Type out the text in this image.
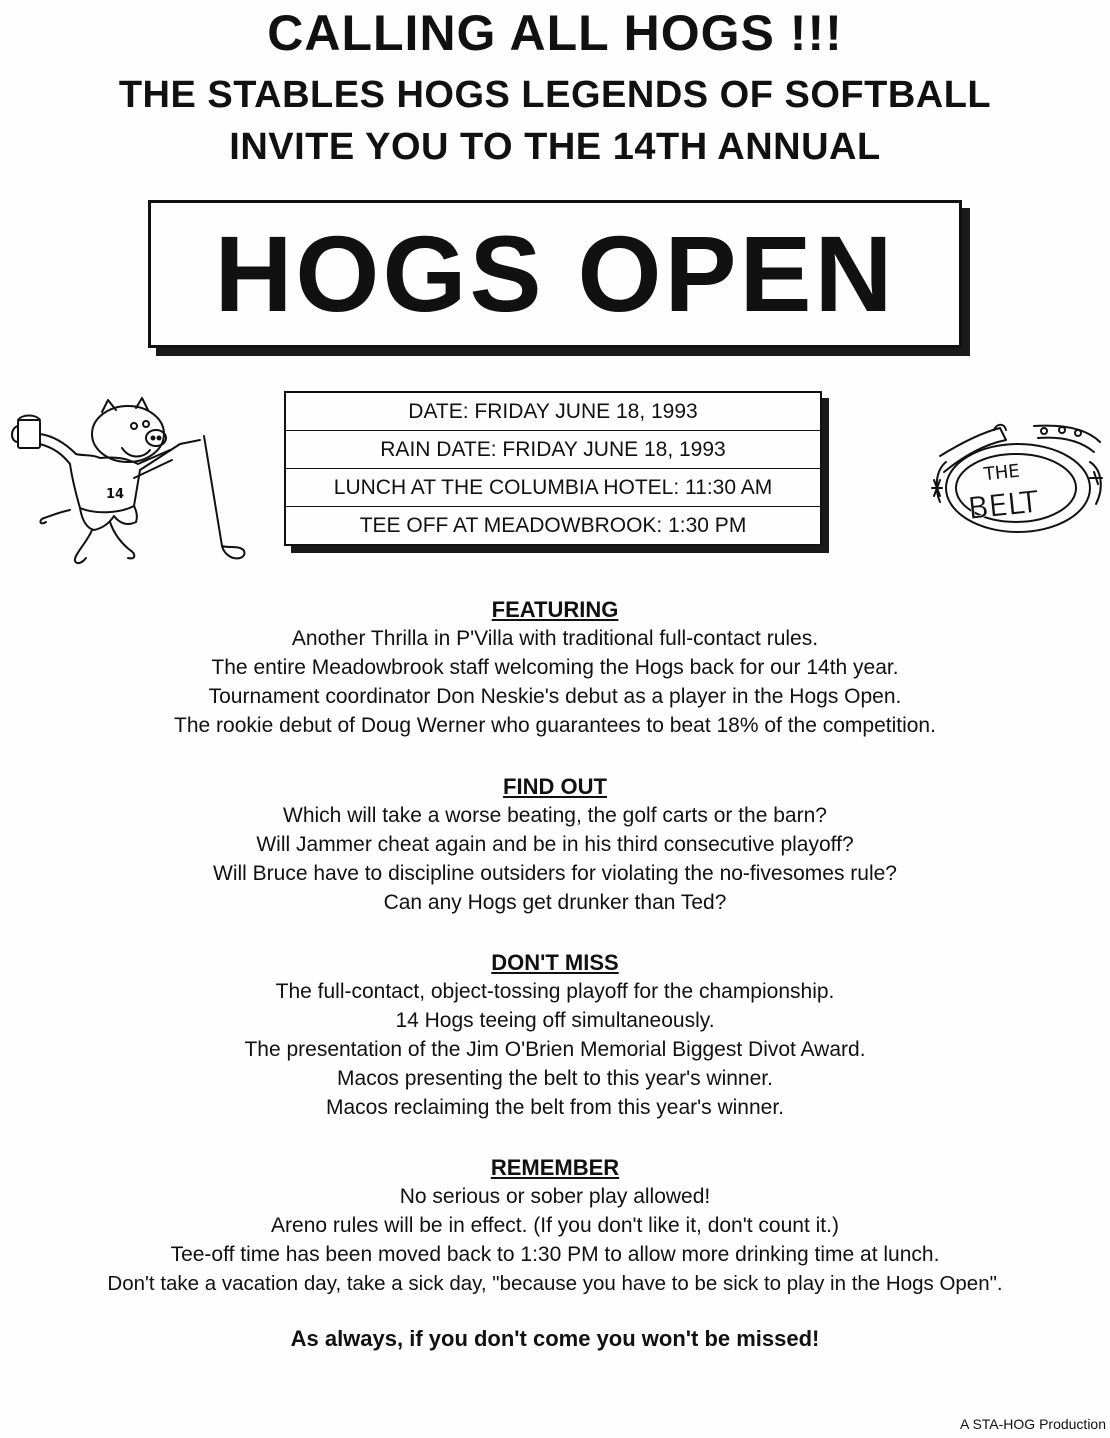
CALLING ALL HOGS !!!
THE STABLES HOGS LEGENDS OF SOFTBALL
INVITE YOU TO THE 14TH ANNUAL
HOGS OPEN
14
DATE: FRIDAY JUNE 18, 1993
RAIN DATE: FRIDAY JUNE 18, 1993
LUNCH AT THE COLUMBIA HOTEL: 11:30 AM
TEE OFF AT MEADOWBROOK: 1:30 PM
THE
BELT
FEATURING
Another Thrilla in P'Villa with traditional full-contact rules.
The entire Meadowbrook staff welcoming the Hogs back for our 14th year.
Tournament coordinator Don Neskie's debut as a player in the Hogs Open.
The rookie debut of Doug Werner who guarantees to beat 18% of the competition.
FIND OUT
Which will take a worse beating, the golf carts or the barn?
Will Jammer cheat again and be in his third consecutive playoff?
Will Bruce have to discipline outsiders for violating the no-fivesomes rule?
Can any Hogs get drunker than Ted?
DON'T MISS
The full-contact, object-tossing playoff for the championship.
14 Hogs teeing off simultaneously.
The presentation of the Jim O'Brien Memorial Biggest Divot Award.
Macos presenting the belt to this year's winner.
Macos reclaiming the belt from this year's winner.
REMEMBER
No serious or sober play allowed!
Areno rules will be in effect. (If you don't like it, don't count it.)
Tee-off time has been moved back to 1:30 PM to allow more drinking time at lunch.
Don't take a vacation day, take a sick day, "because you have to be sick to play in the Hogs Open".
As always, if you don't come you won't be missed!
A STA-HOG Production
